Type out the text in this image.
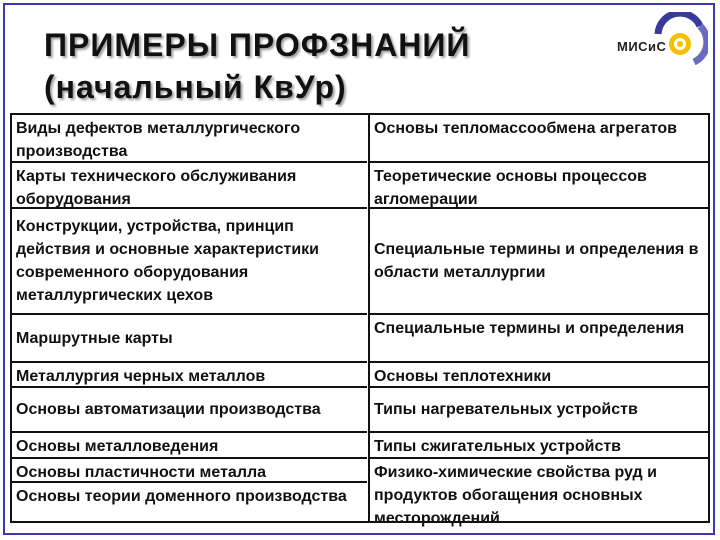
ПРИМЕРЫ ПРОФЗНАНИЙ
(начальный КвУр)
МИСиС
Виды дефектов металлургического производства
Карты технического обслуживания оборудования
Конструкции, устройства, принцип действия и основные характеристики современного оборудования металлургических цехов
Маршрутные карты
Металлургия черных металлов
Основы автоматизации производства
Основы металловедения
Основы пластичности металла
Основы теории доменного производства
Основы тепломассообмена агрегатов
Теоретические основы процессов агломерации
Специальные термины и определения в области металлургии
Специальные термины и определения
Основы теплотехники
Типы нагревательных устройств
Типы сжигательных устройств
Физико-химические свойства руд и продуктов обогащения основных месторождений
